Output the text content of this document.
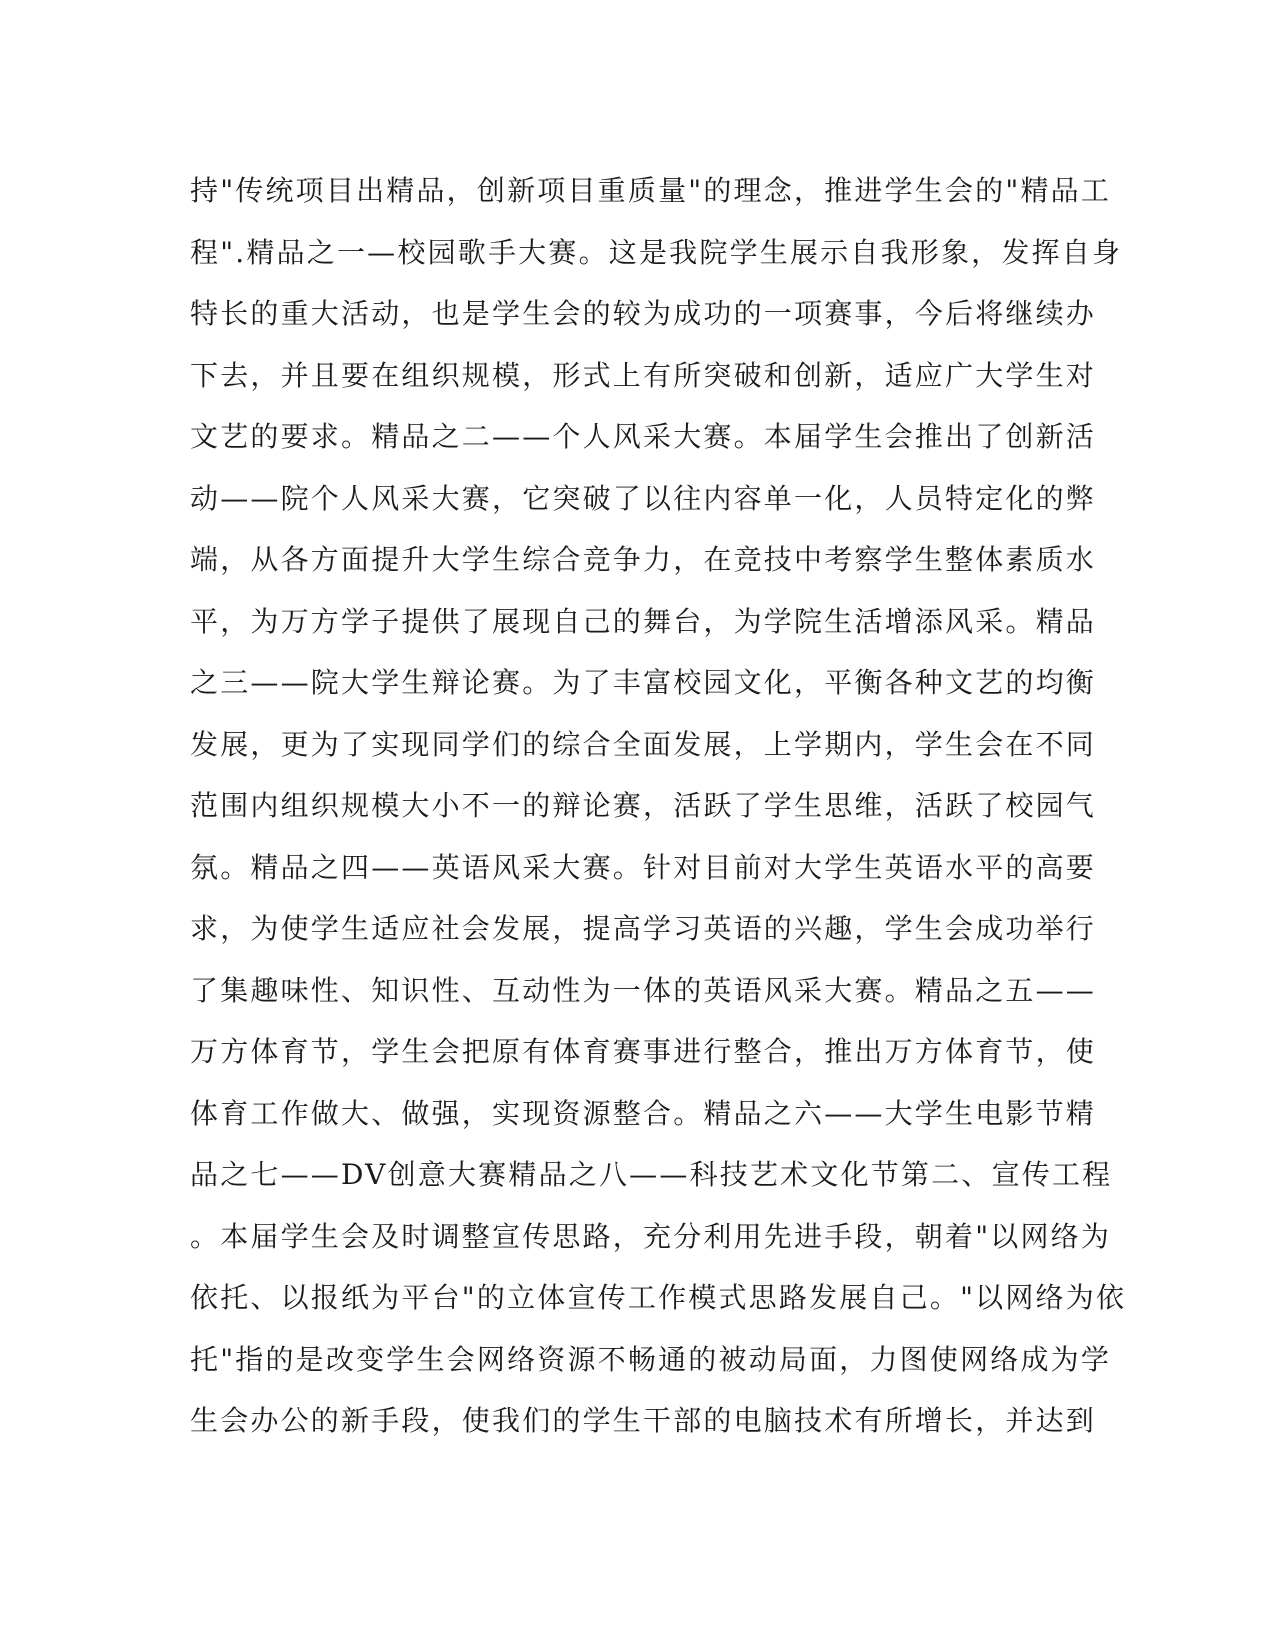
持"传统项目出精品，创新项目重质量"的理念，推进学生会的"精品工
程".精品之一—校园歌手大赛。这是我院学生展示自我形象，发挥自身
特长的重大活动，也是学生会的较为成功的一项赛事，今后将继续办
下去，并且要在组织规模，形式上有所突破和创新，适应广大学生对
文艺的要求。精品之二——个人风采大赛。本届学生会推出了创新活
动——院个人风采大赛，它突破了以往内容单一化，人员特定化的弊
端，从各方面提升大学生综合竞争力，在竞技中考察学生整体素质水
平，为万方学子提供了展现自己的舞台，为学院生活增添风采。精品
之三——院大学生辩论赛。为了丰富校园文化，平衡各种文艺的均衡
发展，更为了实现同学们的综合全面发展，上学期内，学生会在不同
范围内组织规模大小不一的辩论赛，活跃了学生思维，活跃了校园气
氛。精品之四——英语风采大赛。针对目前对大学生英语水平的高要
求，为使学生适应社会发展，提高学习英语的兴趣，学生会成功举行
了集趣味性、知识性、互动性为一体的英语风采大赛。精品之五——
万方体育节，学生会把原有体育赛事进行整合，推出万方体育节，使
体育工作做大、做强，实现资源整合。精品之六——大学生电影节精
品之七——DV创意大赛精品之八——科技艺术文化节第二、宣传工程
。本届学生会及时调整宣传思路，充分利用先进手段，朝着"以网络为
依托、以报纸为平台"的立体宣传工作模式思路发展自己。"以网络为依
托"指的是改变学生会网络资源不畅通的被动局面，力图使网络成为学
生会办公的新手段，使我们的学生干部的电脑技术有所增长，并达到
